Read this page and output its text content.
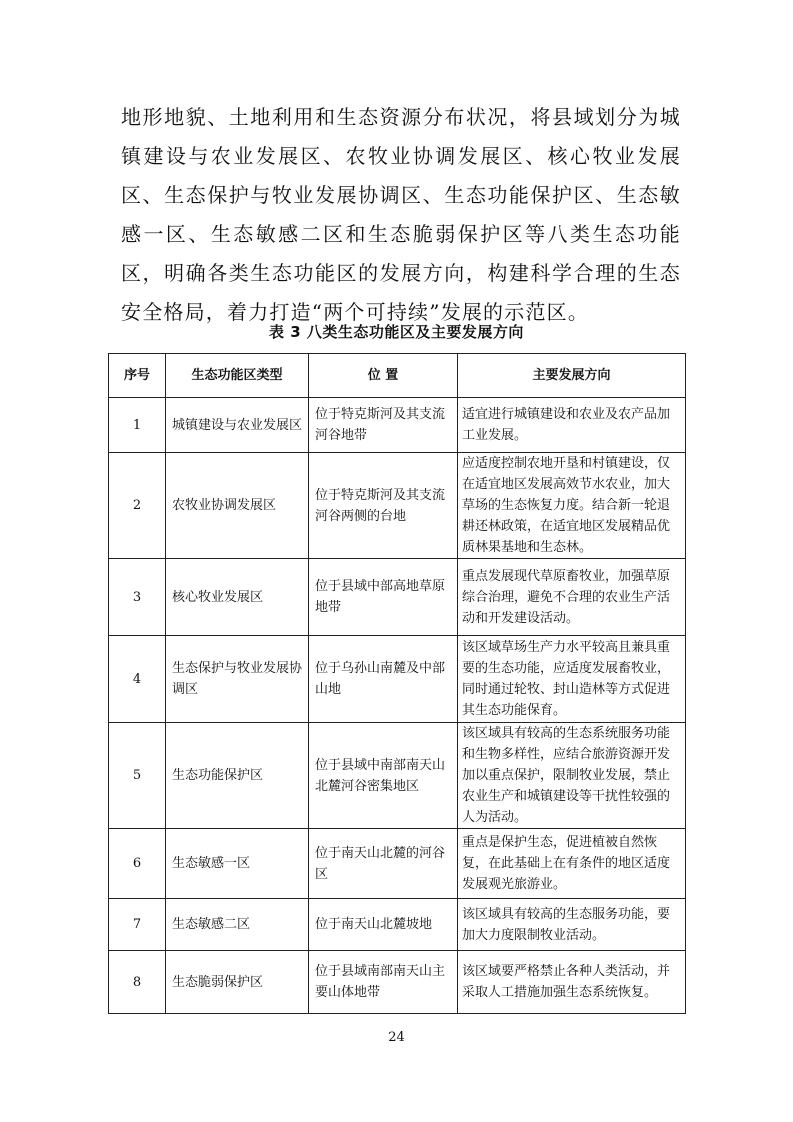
地形地貌、土地利用和生态资源分布状况，将县域划分为城镇建设与农业发展区、农牧业协调发展区、核心牧业发展区、生态保护与牧业发展协调区、生态功能保护区、生态敏感一区、生态敏感二区和生态脆弱保护区等八类生态功能区，明确各类生态功能区的发展方向，构建科学合理的生态安全格局，着力打造“两个可持续”发展的示范区。

表 3 八类生态功能区及主要发展方向
序号	生态功能区类型	位 置	主要发展方向
1	城镇建设与农业发展区	位于特克斯河及其支流河谷地带	适宜进行城镇建设和农业及农产品加工业发展。
2	农牧业协调发展区	位于特克斯河及其支流河谷两侧的台地	应适度控制农地开垦和村镇建设，仅在适宜地区发展高效节水农业，加大草场的生态恢复力度。结合新一轮退耕还林政策，在适宜地区发展精品优质林果基地和生态林。
3	核心牧业发展区	位于县域中部高地草原地带	重点发展现代草原畜牧业，加强草原综合治理，避免不合理的农业生产活动和开发建设活动。
4	生态保护与牧业发展协调区	位于乌孙山南麓及中部山地	该区域草场生产力水平较高且兼具重要的生态功能，应适度发展畜牧业，同时通过轮牧、封山造林等方式促进其生态功能保育。
5	生态功能保护区	位于县域中南部南天山北麓河谷密集地区	该区域具有较高的生态系统服务功能和生物多样性，应结合旅游资源开发加以重点保护，限制牧业发展，禁止农业生产和城镇建设等干扰性较强的人为活动。
6	生态敏感一区	位于南天山北麓的河谷区	重点是保护生态，促进植被自然恢复，在此基础上在有条件的地区适度发展观光旅游业。
7	生态敏感二区	位于南天山北麓坡地	该区域具有较高的生态服务功能，要加大力度限制牧业活动。
8	生态脆弱保护区	位于县域南部南天山主要山体地带	该区域要严格禁止各种人类活动，并采取人工措施加强生态系统恢复。
24
